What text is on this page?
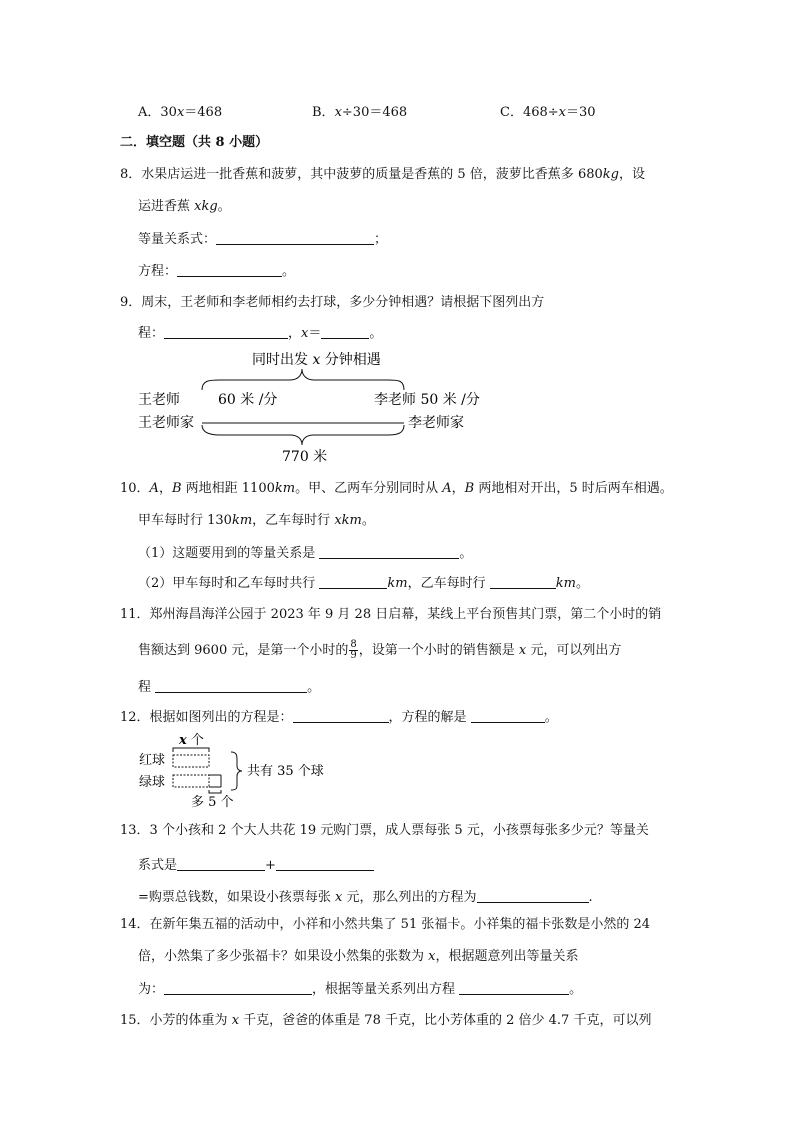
A．30x＝468	B．x÷30＝468	C．468÷x＝30
二．填空题（共 8 小题）
8．水果店运进一批香蕉和菠萝，其中菠萝的质量是香蕉的 5 倍，菠萝比香蕉多 680kg，设
运进香蕉 xkg。
等量关系式：	；
方程：	。
9．周末，王老师和李老师相约去打球，多少分钟相遇？请根据下图列出方
程：	，x＝	。
同时出发 x 分钟相遇
王老师	60 米 /分	李老师 50 米 /分
王老师家	李老师家
770 米
10．A，B 两地相距 1100km。甲、乙两车分别同时从 A，B 两地相对开出，5 时后两车相遇。
甲车每时行 130km，乙车每时行 xkm。
（1）这题要用到的等量关系是	。
（2）甲车每时和乙车每时共行	km，乙车每时行	km。
11．郑州海昌海洋公园于 2023 年 9 月 28 日启幕，某线上平台预售其门票，第二个小时的销
售额达到 9600 元，是第一个小时的 $\frac{8}{9}$ ，设第一个小时的销售额是 x 元，可以列出方
程	。
12．根据如图列出的方程是：	，方程的解是	。
x 个
红球
绿球
共有 35 个球
多 5 个
13．3 个小孩和 2 个大人共花 19 元购门票，成人票每张 5 元，小孩票每张多少元？等量关
系式是	+
=购票总钱数，如果设小孩票每张 x 元，那么列出的方程为	.
14．在新年集五福的活动中，小祥和小然共集了 51 张福卡。小祥集的福卡张数是小然的 24
倍，小然集了多少张福卡？如果设小然集的张数为 x，根据题意列出等量关系
为：	，根据等量关系列出方程	。
15．小芳的体重为 x 千克，爸爸的体重是 78 千克，比小芳体重的 2 倍少 4.7 千克，可以列
